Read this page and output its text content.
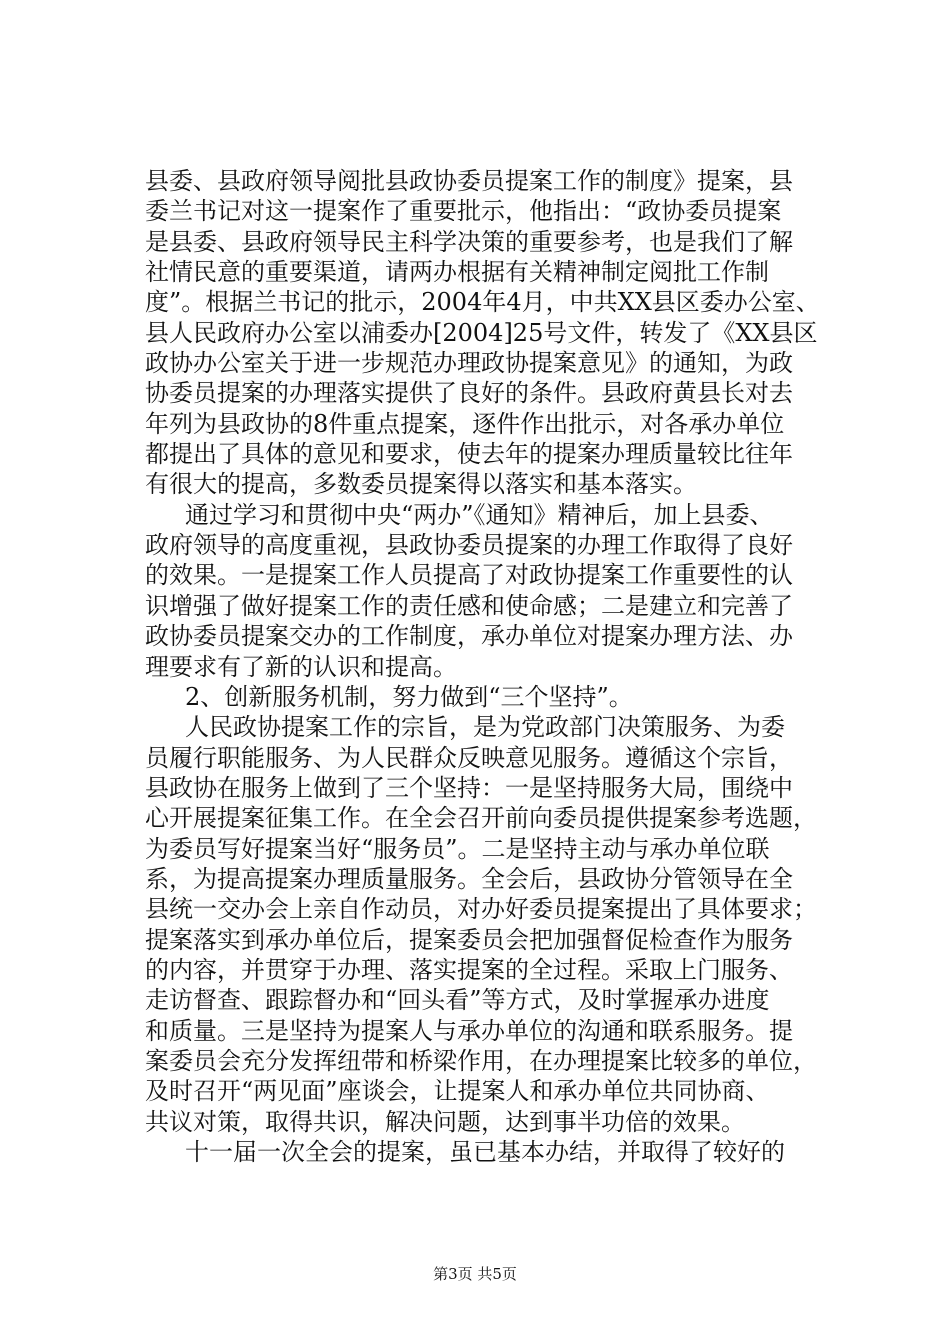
县委、县政府领导阅批县政协委员提案工作的制度》提案，县
委兰书记对这一提案作了重要批示，他指出：“政协委员提案
是县委、县政府领导民主科学决策的重要参考，也是我们了解
社情民意的重要渠道，请两办根据有关精神制定阅批工作制
度”。根据兰书记的批示，2004年4月，中共XX县区委办公室、
县人民政府办公室以浦委办[2004]25号文件，转发了《XX县区
政协办公室关于进一步规范办理政协提案意见》的通知，为政
协委员提案的办理落实提供了良好的条件。县政府黄县长对去
年列为县政协的8件重点提案，逐件作出批示，对各承办单位
都提出了具体的意见和要求，使去年的提案办理质量较比往年
有很大的提高，多数委员提案得以落实和基本落实。
通过学习和贯彻中央“两办”《通知》精神后，加上县委、
政府领导的高度重视，县政协委员提案的办理工作取得了良好
的效果。一是提案工作人员提高了对政协提案工作重要性的认
识增强了做好提案工作的责任感和使命感；二是建立和完善了
政协委员提案交办的工作制度，承办单位对提案办理方法、办
理要求有了新的认识和提高。
2、创新服务机制，努力做到“三个坚持”。
人民政协提案工作的宗旨，是为党政部门决策服务、为委
员履行职能服务、为人民群众反映意见服务。遵循这个宗旨，
县政协在服务上做到了三个坚持：一是坚持服务大局，围绕中
心开展提案征集工作。在全会召开前向委员提供提案参考选题，
为委员写好提案当好“服务员”。二是坚持主动与承办单位联
系，为提高提案办理质量服务。全会后，县政协分管领导在全
县统一交办会上亲自作动员，对办好委员提案提出了具体要求；
提案落实到承办单位后，提案委员会把加强督促检查作为服务
的内容，并贯穿于办理、落实提案的全过程。采取上门服务、
走访督查、跟踪督办和“回头看”等方式，及时掌握承办进度
和质量。三是坚持为提案人与承办单位的沟通和联系服务。提
案委员会充分发挥纽带和桥梁作用，在办理提案比较多的单位，
及时召开“两见面”座谈会，让提案人和承办单位共同协商、
共议对策，取得共识，解决问题，达到事半功倍的效果。
十一届一次全会的提案，虽已基本办结，并取得了较好的
第3页 共5页
